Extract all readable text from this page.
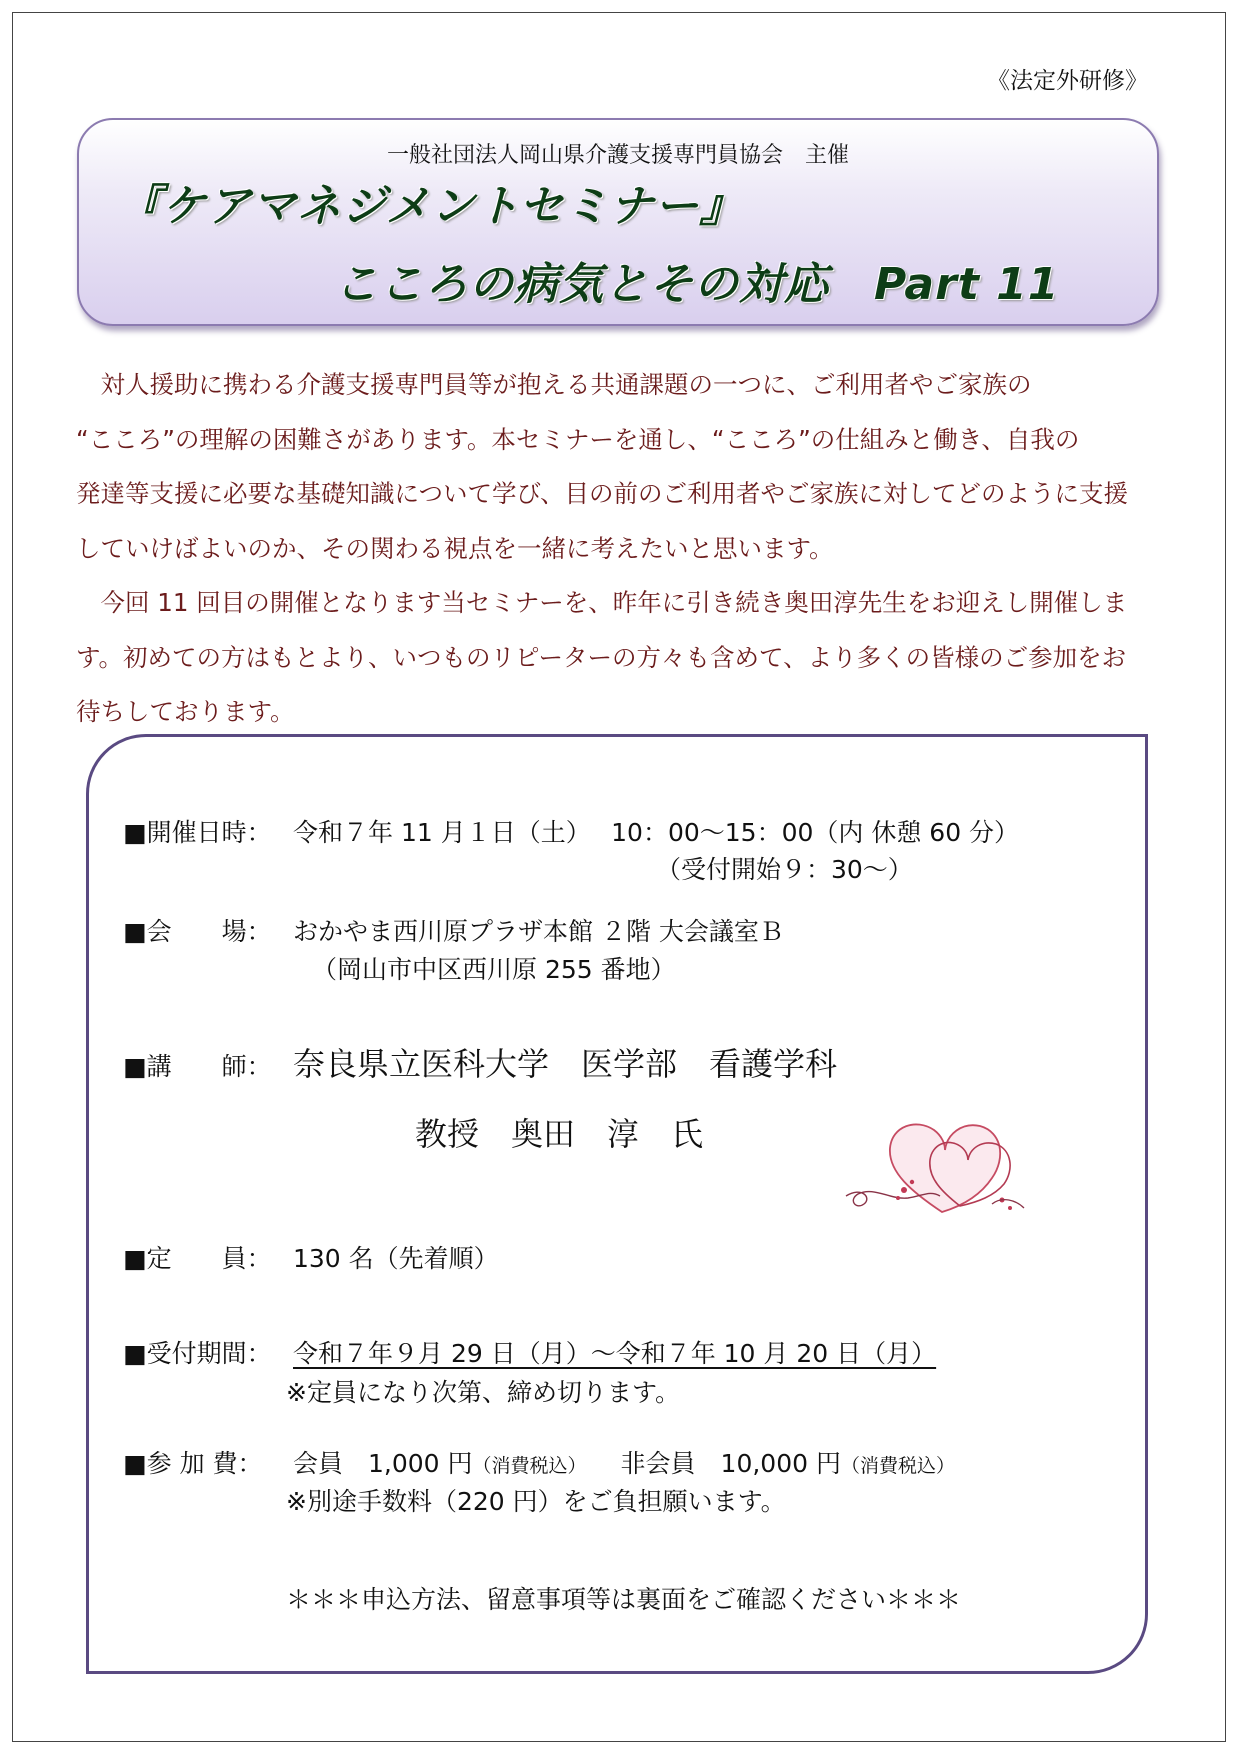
《法定外研修》
一般社団法人岡山県介護支援専門員協会　主催
『ケアマネジメントセミナー』
こころの病気とその対応　Part 11

　対人援助に携わる介護支援専門員等が抱える共通課題の一つに、ご利用者やご家族の

“こころ”の理解の困難さがあります。本セミナーを通し、“こころ”の仕組みと働き、自我の

発達等支援に必要な基礎知識について学び、目の前のご利用者やご家族に対してどのように支援

していけばよいのか、その関わる視点を一緒に考えたいと思います。

　今回 11 回目の開催となります当セミナーを、昨年に引き続き奥田淳先生をお迎えし開催しま

す。初めての方はもとより、いつものリピーターの方々も含めて、より多くの皆様のご参加をお

待ちしております。

■開催日時： 令和７年 11 月１日（土）　 10：00〜15：00（内 休憩 60 分）
（受付開始９：30〜）
■会　　場： おかやま西川原プラザ本館 ２階 大会議室Ｂ
（岡山市中区西川原 255 番地）
■講　　師： 奈良県立医科大学　医学部　看護学科
教授　奥田　淳　氏
■定　　員： 130 名（先着順）
■受付期間： 令和７年９月 29 日（月）〜令和７年 10 月 20 日（月）
※定員になり次第、締め切ります。
■参 加 費： 会員　1,000 円（消費税込） 非会員　10,000 円（消費税込）
※別途手数料（220 円）をご負担願います。
＊＊＊申込方法、留意事項等は裏面をご確認ください＊＊＊
